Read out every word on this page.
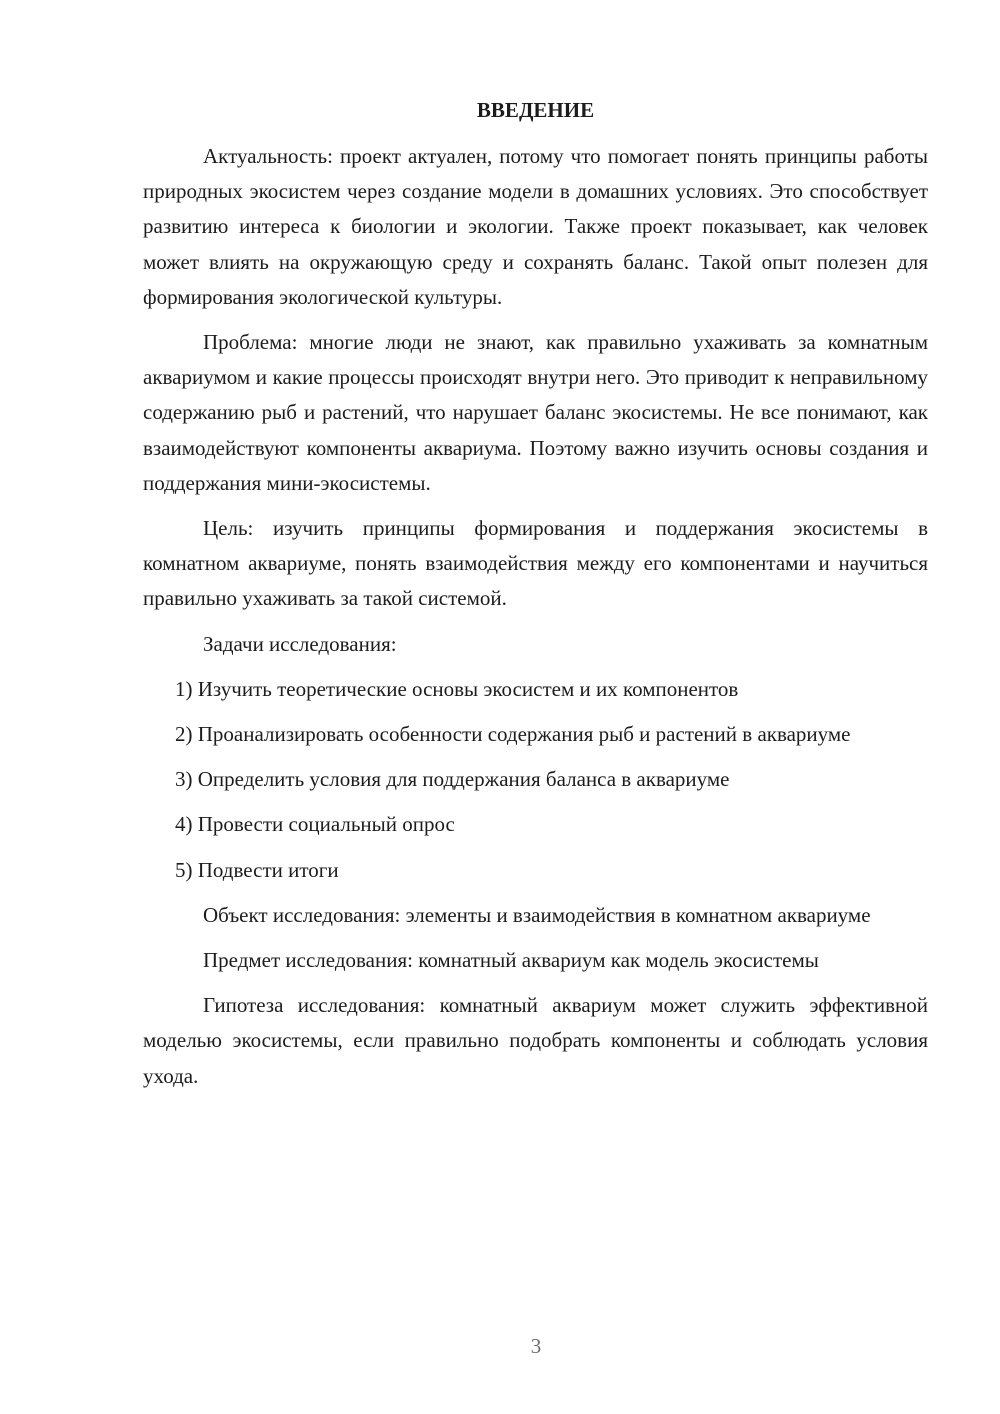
ВВЕДЕНИЕ

Актуальность: проект актуален, потому что помогает понять принципы работы природных экосистем через создание модели в домашних условиях. Это способствует развитию интереса к биологии и экологии. Также проект показывает, как человек может влиять на окружающую среду и сохранять баланс. Такой опыт полезен для формирования экологической культуры.

Проблема: многие люди не знают, как правильно ухаживать за комнатным аквариумом и какие процессы происходят внутри него. Это приводит к неправильному содержанию рыб и растений, что нарушает баланс экосистемы. Не все понимают, как взаимодействуют компоненты аквариума. Поэтому важно изучить основы создания и поддержания мини-экосистемы.

Цель: изучить принципы формирования и поддержания экосистемы в комнатном аквариуме, понять взаимодействия между его компонентами и научиться правильно ухаживать за такой системой.

Задачи исследования:

1) Изучить теоретические основы экосистем и их компонентов

2) Проанализировать особенности содержания рыб и растений в аквариуме

3) Определить условия для поддержания баланса в аквариуме

4) Провести социальный опрос

5) Подвести итоги

Объект исследования: элементы и взаимодействия в комнатном аквариуме

Предмет исследования: комнатный аквариум как модель экосистемы

Гипотеза исследования: комнатный аквариум может служить эффективной моделью экосистемы, если правильно подобрать компоненты и соблюдать условия ухода.

3
